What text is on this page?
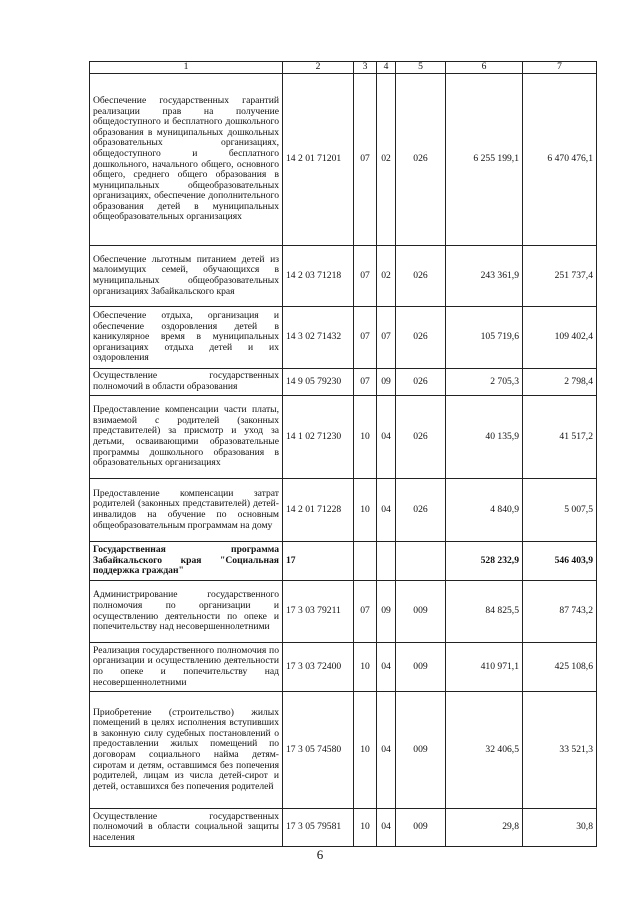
1	2	3	4	5	6	7
Обеспечение государственных гарантий реализации прав на получение общедоступного и бесплатного дошкольного образования в муниципальных дошкольных образовательных организациях, общедоступного и бесплатного дошкольного, начального общего, основного общего, среднего общего образования в муниципальных общеобразовательных организациях, обеспечение дополнительного образования детей в муниципальных общеобразовательных организациях	14 2 01 71201	07	02	026	6 255 199,1	6 470 476,1
Обеспечение льготным питанием детей из малоимущих семей, обучающихся в муниципальных общеобразовательных организациях Забайкальского края	14 2 03 71218	07	02	026	243 361,9	251 737,4
Обеспечение отдыха, организация и обеспечение оздоровления детей в каникулярное время в муниципальных организациях отдыха детей и их оздоровления	14 3 02 71432	07	07	026	105 719,6	109 402,4
Осуществление государственных полномочий в области образования	14 9 05 79230	07	09	026	2 705,3	2 798,4
Предоставление компенсации части платы, взимаемой с родителей (законных представителей) за присмотр и уход за детьми, осваивающими образовательные программы дошкольного образования в образовательных организациях	14 1 02 71230	10	04	026	40 135,9	41 517,2
Предоставление компенсации затрат родителей (законных представителей) детей-инвалидов на обучение по основным общеобразовательным программам на дому	14 2 01 71228	10	04	026	4 840,9	5 007,5
Государственная программа Забайкальского края "Социальная поддержка граждан"	17				528 232,9	546 403,9
Администрирование государственного полномочия по организации и осуществлению деятельности по опеке и попечительству над несовершеннолетними	17 3 03 79211	07	09	009	84 825,5	87 743,2
Реализация государственного полномочия по организации и осуществлению деятельности по опеке и попечительству над несовершеннолетними	17 3 03 72400	10	04	009	410 971,1	425 108,6
Приобретение (строительство) жилых помещений в целях исполнения вступивших в законную силу судебных постановлений о предоставлении жилых помещений по договорам социального найма детям-сиротам и детям, оставшимся без попечения родителей, лицам из числа детей-сирот и детей, оставшихся без попечения родителей	17 3 05 74580	10	04	009	32 406,5	33 521,3
Осуществление государственных полномочий в области социальной защиты населения	17 3 05 79581	10	04	009	29,8	30,8
6
